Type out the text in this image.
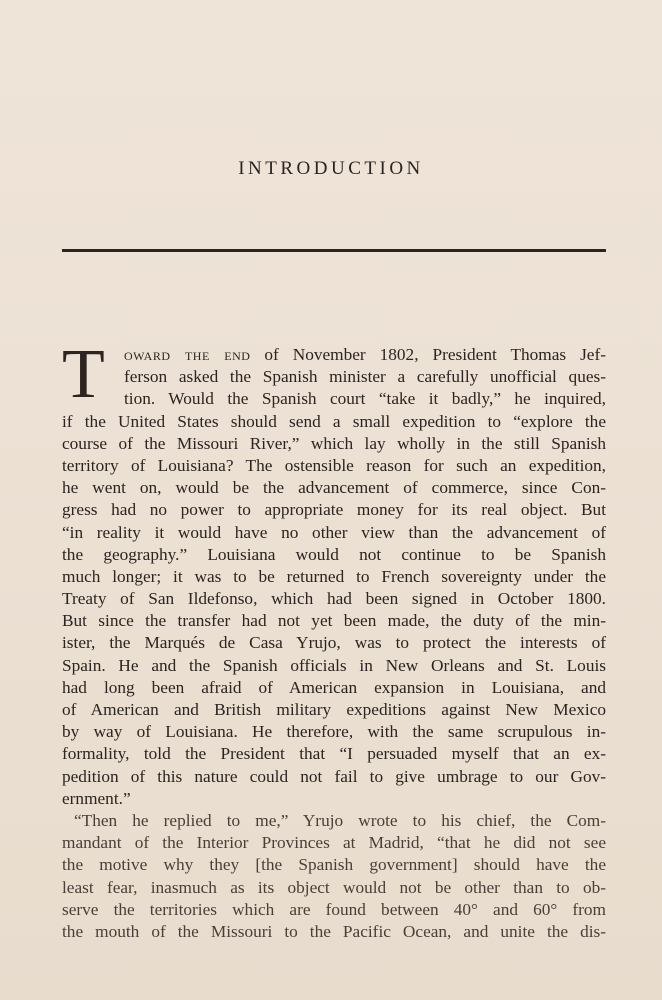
INTRODUCTION
T	oward the end of November 1802, President Thomas Jef-
ferson asked the Spanish minister a carefully unofficial ques-
tion. Would the Spanish court “take it badly,” he inquired,
if the United States should send a small expedition to “explore the
course of the Missouri River,” which lay wholly in the still Spanish
territory of Louisiana? The ostensible reason for such an expedition,
he went on, would be the advancement of commerce, since Con-
gress had no power to appropriate money for its real object. But
“in reality it would have no other view than the advancement of
the geography.” Louisiana would not continue to be Spanish
much longer; it was to be returned to French sovereignty under the
Treaty of San Ildefonso, which had been signed in October 1800.
But since the transfer had not yet been made, the duty of the min-
ister, the Marqués de Casa Yrujo, was to protect the interests of
Spain. He and the Spanish officials in New Orleans and St. Louis
had long been afraid of American expansion in Louisiana, and
of American and British military expeditions against New Mexico
by way of Louisiana. He therefore, with the same scrupulous in-
formality, told the President that “I persuaded myself that an ex-
pedition of this nature could not fail to give umbrage to our Gov-
ernment.”
“Then he replied to me,” Yrujo wrote to his chief, the Com-
mandant of the Interior Provinces at Madrid, “that he did not see
the motive why they [the Spanish government] should have the
least fear, inasmuch as its object would not be other than to ob-
serve the territories which are found between 40° and 60° from
the mouth of the Missouri to the Pacific Ocean, and unite the dis-
